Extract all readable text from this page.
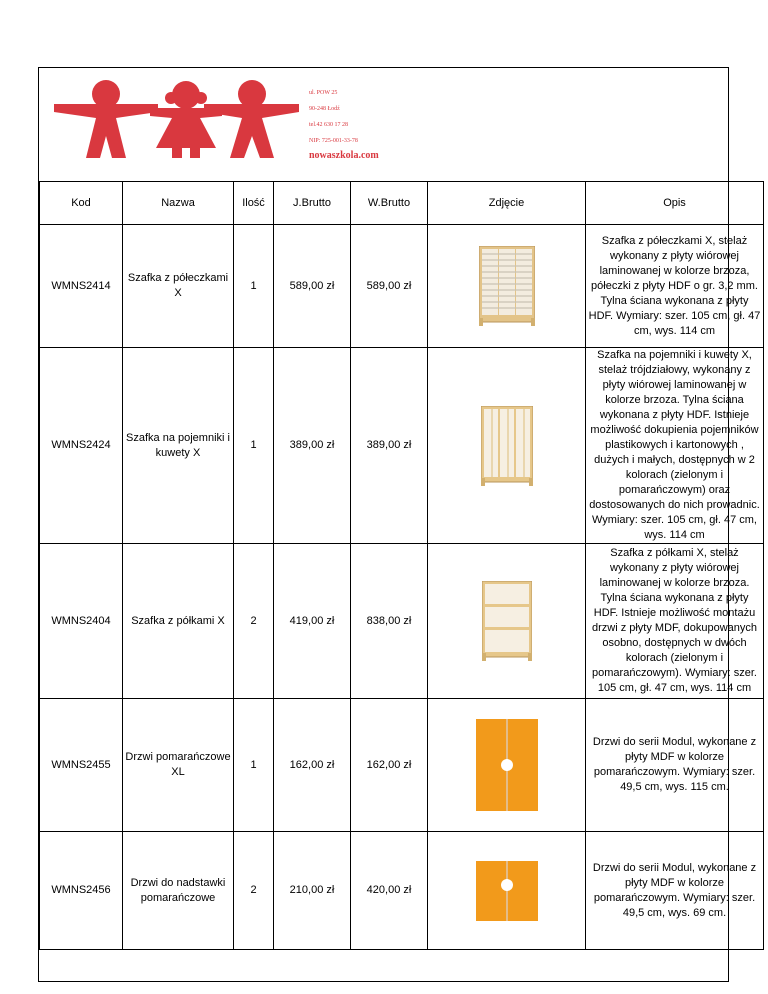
ul. POW 25
90-248 Łodź
tel.42 630 17 28
NIP: 725-001-33-78
nowaszkola.com
Kod	Nazwa	Ilość	J.Brutto	W.Brutto	Zdjęcie	Opis
WMNS2414	Szafka z półeczkami X	1	589,00 zł	589,00 zł		Szafka z półeczkami X, stelaż wykonany z płyty wiórowej laminowanej w kolorze brzoza, półeczki z płyty HDF o gr. 3,2 mm. Tylna ściana wykonana z płyty HDF. Wymiary: szer. 105 cm, gł. 47 cm, wys. 114 cm
WMNS2424	Szafka na pojemniki i kuwety X	1	389,00 zł	389,00 zł		Szafka na pojemniki i kuwety X, stelaż trójdziałowy, wykonany z płyty wiórowej laminowanej w kolorze brzoza. Tylna ściana wykonana z płyty HDF. Istnieje możliwość dokupienia pojemników plastikowych i kartonowych , dużych i małych, dostępnych w 2 kolorach (zielonym i pomarańczowym) oraz dostosowanych do nich prowadnic. Wymiary: szer. 105 cm, gł. 47 cm, wys. 114 cm
WMNS2404	Szafka z półkami X	2	419,00 zł	838,00 zł		Szafka z półkami X, stelaż wykonany z płyty wiórowej laminowanej w kolorze brzoza. Tylna ściana wykonana z płyty HDF. Istnieje możliwość montażu drzwi z płyty MDF, dokupowanych osobno, dostępnych w dwóch kolorach (zielonym i pomarańczowym). Wymiary: szer. 105 cm, gł. 47 cm, wys. 114 cm
WMNS2455	Drzwi pomarańczowe XL	1	162,00 zł	162,00 zł		Drzwi do serii Modul, wykonane z płyty MDF w kolorze pomarańczowym. Wymiary: szer. 49,5 cm, wys. 115 cm.
WMNS2456	Drzwi do nadstawki pomarańczowe	2	210,00 zł	420,00 zł		Drzwi do serii Modul, wykonane z płyty MDF w kolorze pomarańczowym. Wymiary: szer. 49,5 cm, wys. 69 cm.
